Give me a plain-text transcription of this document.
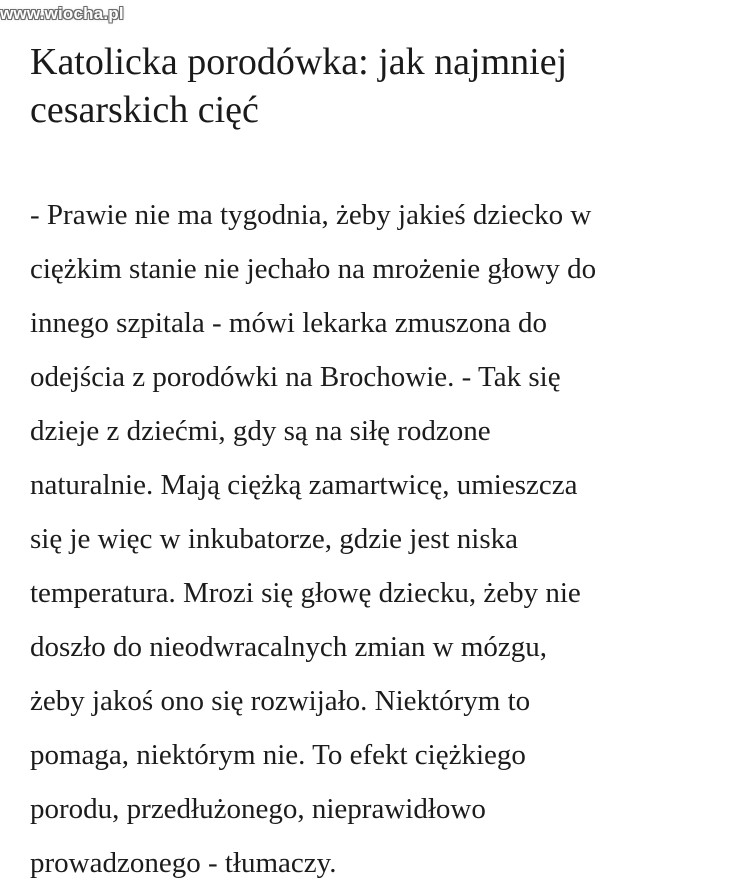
www.wiocha.pl
Katolicka porodówka: jak najmniej
cesarskich cięć
- Prawie nie ma tygodnia, żeby jakieś dziecko w
ciężkim stanie nie jechało na mrożenie głowy do
innego szpitala - mówi lekarka zmuszona do
odejścia z porodówki na Brochowie. - Tak się
dzieje z dziećmi, gdy są na siłę rodzone
naturalnie. Mają ciężką zamartwicę, umieszcza
się je więc w inkubatorze, gdzie jest niska
temperatura. Mrozi się głowę dziecku, żeby nie
doszło do nieodwracalnych zmian w mózgu,
żeby jakoś ono się rozwijało. Niektórym to
pomaga, niektórym nie. To efekt ciężkiego
porodu, przedłużonego, nieprawidłowo
prowadzonego - tłumaczy.
